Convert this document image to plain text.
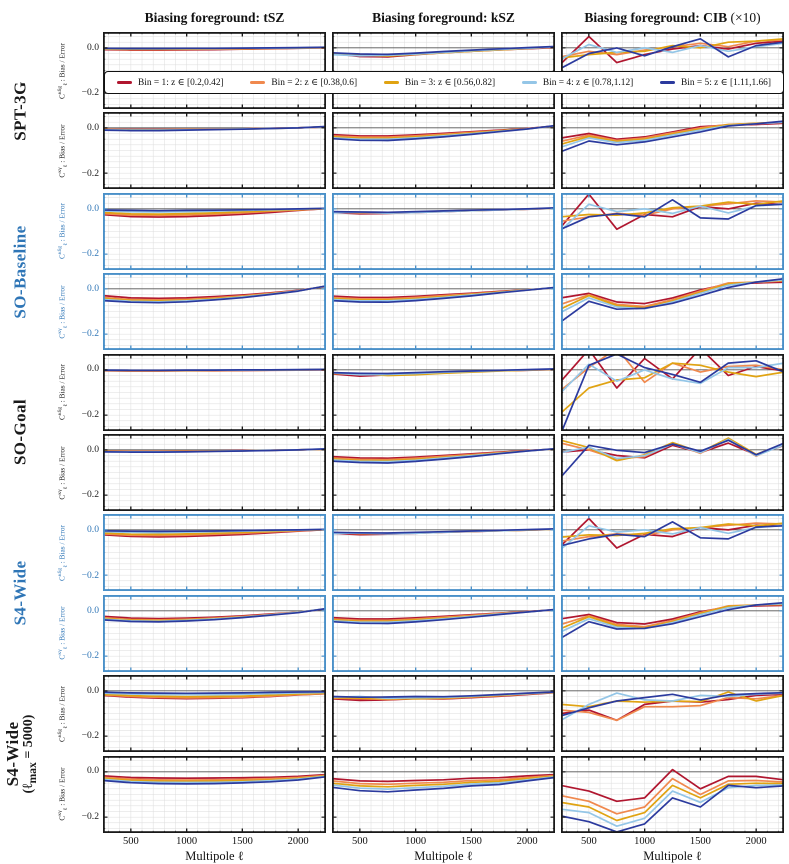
Biasing foreground: tSZ	Biasing foreground: kSZ	Biasing foreground: CIB (×10)
Bin = 1: z ∈ [0.2,0.42]	Bin = 2: z ∈ [0.38,0.6]	Bin = 3: z ∈ [0.56,0.82]	Bin = 4: z ∈ [0.78,1.12]	Bin = 5: z ∈ [1.11,1.66]
SPT-3G
SO-Baseline
SO-Goal
S4-Wide
S4-Wide
(ℓ$_{max}$ = 5000)
$C^{\kappa\delta g}_\ell$ : Bias / Error	0.0
−0.2
$C^{\kappa\gamma}_\ell$ : Bias / Error	0.0
−0.2
$C^{\kappa\delta g}_\ell$ : Bias / Error	0.0
−0.2
$C^{\kappa\gamma}_\ell$ : Bias / Error	0.0
−0.2
$C^{\kappa\delta g}_\ell$ : Bias / Error	0.0
−0.2
$C^{\kappa\gamma}_\ell$ : Bias / Error	0.0
−0.2
$C^{\kappa\delta g}_\ell$ : Bias / Error	0.0
−0.2
$C^{\kappa\gamma}_\ell$ : Bias / Error	0.0
−0.2
$C^{\kappa\delta g}_\ell$ : Bias / Error	0.0
−0.2
$C^{\kappa\gamma}_\ell$ : Bias / Error	0.0
−0.2
500	1000	1500	2000
Multipole ℓ
500	1000	1500	2000
Multipole ℓ
500	1000	1500	2000
Multipole ℓ
